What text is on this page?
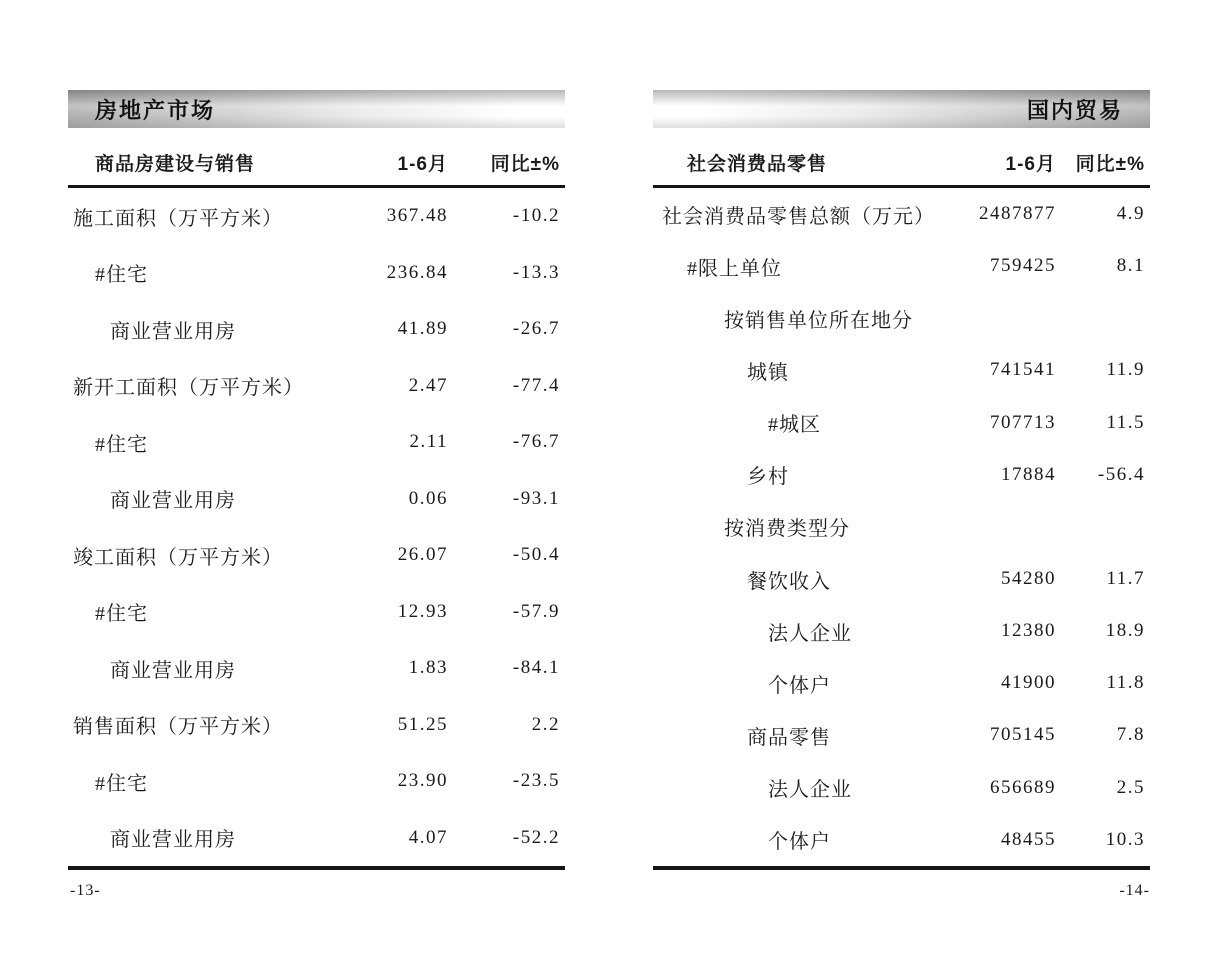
房地产市场
商品房建设与销售	1-6月	同比±%
施工面积（万平方米）	367.48	-10.2
#住宅	236.84	-13.3
商业营业用房	41.89	-26.7
新开工面积（万平方米）	2.47	-77.4
#住宅	2.11	-76.7
商业营业用房	0.06	-93.1
竣工面积（万平方米）	26.07	-50.4
#住宅	12.93	-57.9
商业营业用房	1.83	-84.1
销售面积（万平方米）	51.25	2.2
#住宅	23.90	-23.5
商业营业用房	4.07	-52.2
-13-
国内贸易
社会消费品零售	1-6月	同比±%
社会消费品零售总额（万元）	2487877	4.9
#限上单位	759425	8.1
按销售单位所在地分
城镇	741541	11.9
#城区	707713	11.5
乡村	17884	-56.4
按消费类型分
餐饮收入	54280	11.7
法人企业	12380	18.9
个体户	41900	11.8
商品零售	705145	7.8
法人企业	656689	2.5
个体户	48455	10.3
-14-
